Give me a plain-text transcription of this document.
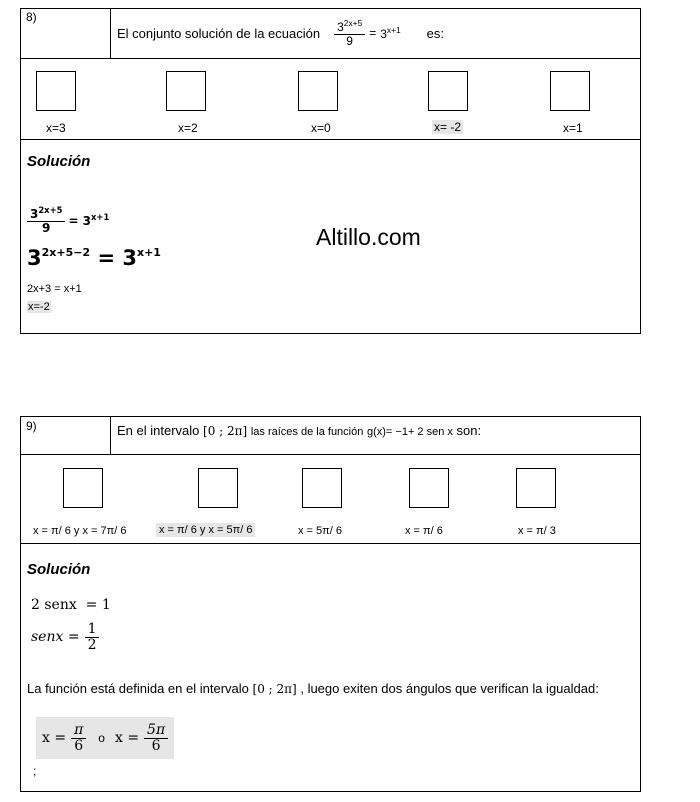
8)
El conjunto solución de la ecuación $\frac{3^{2x+5}}{9} = 3^{x+1}$ es:
x=3	x=2	x=0	x= -2	x=1
Solución
$\frac{3^{2x+5}}{9} = 3^{x+1}$
$3^{2x+5-2} = 3^{x+1}$
2x+3 = x+1
x=-2
Altillo.com
9)	En el intervalo [0 ; 2π] las raíces de la función g(x)= −1+ 2 sen x son:
x = π/ 6 y x = 7π/ 6	x = π/ 6 y x = 5π/ 6	x = 5π/ 6	x = π/ 6	x = π/ 3
Solución
2 senx  = 1
senx = $\frac{1}{2}$
La función está definida en el intervalo [0 ; 2π] , luego exiten dos ángulos que verifican la igualdad:
$x = \frac{\pi}{6}$ o $x = \frac{5\pi}{6}$
;
